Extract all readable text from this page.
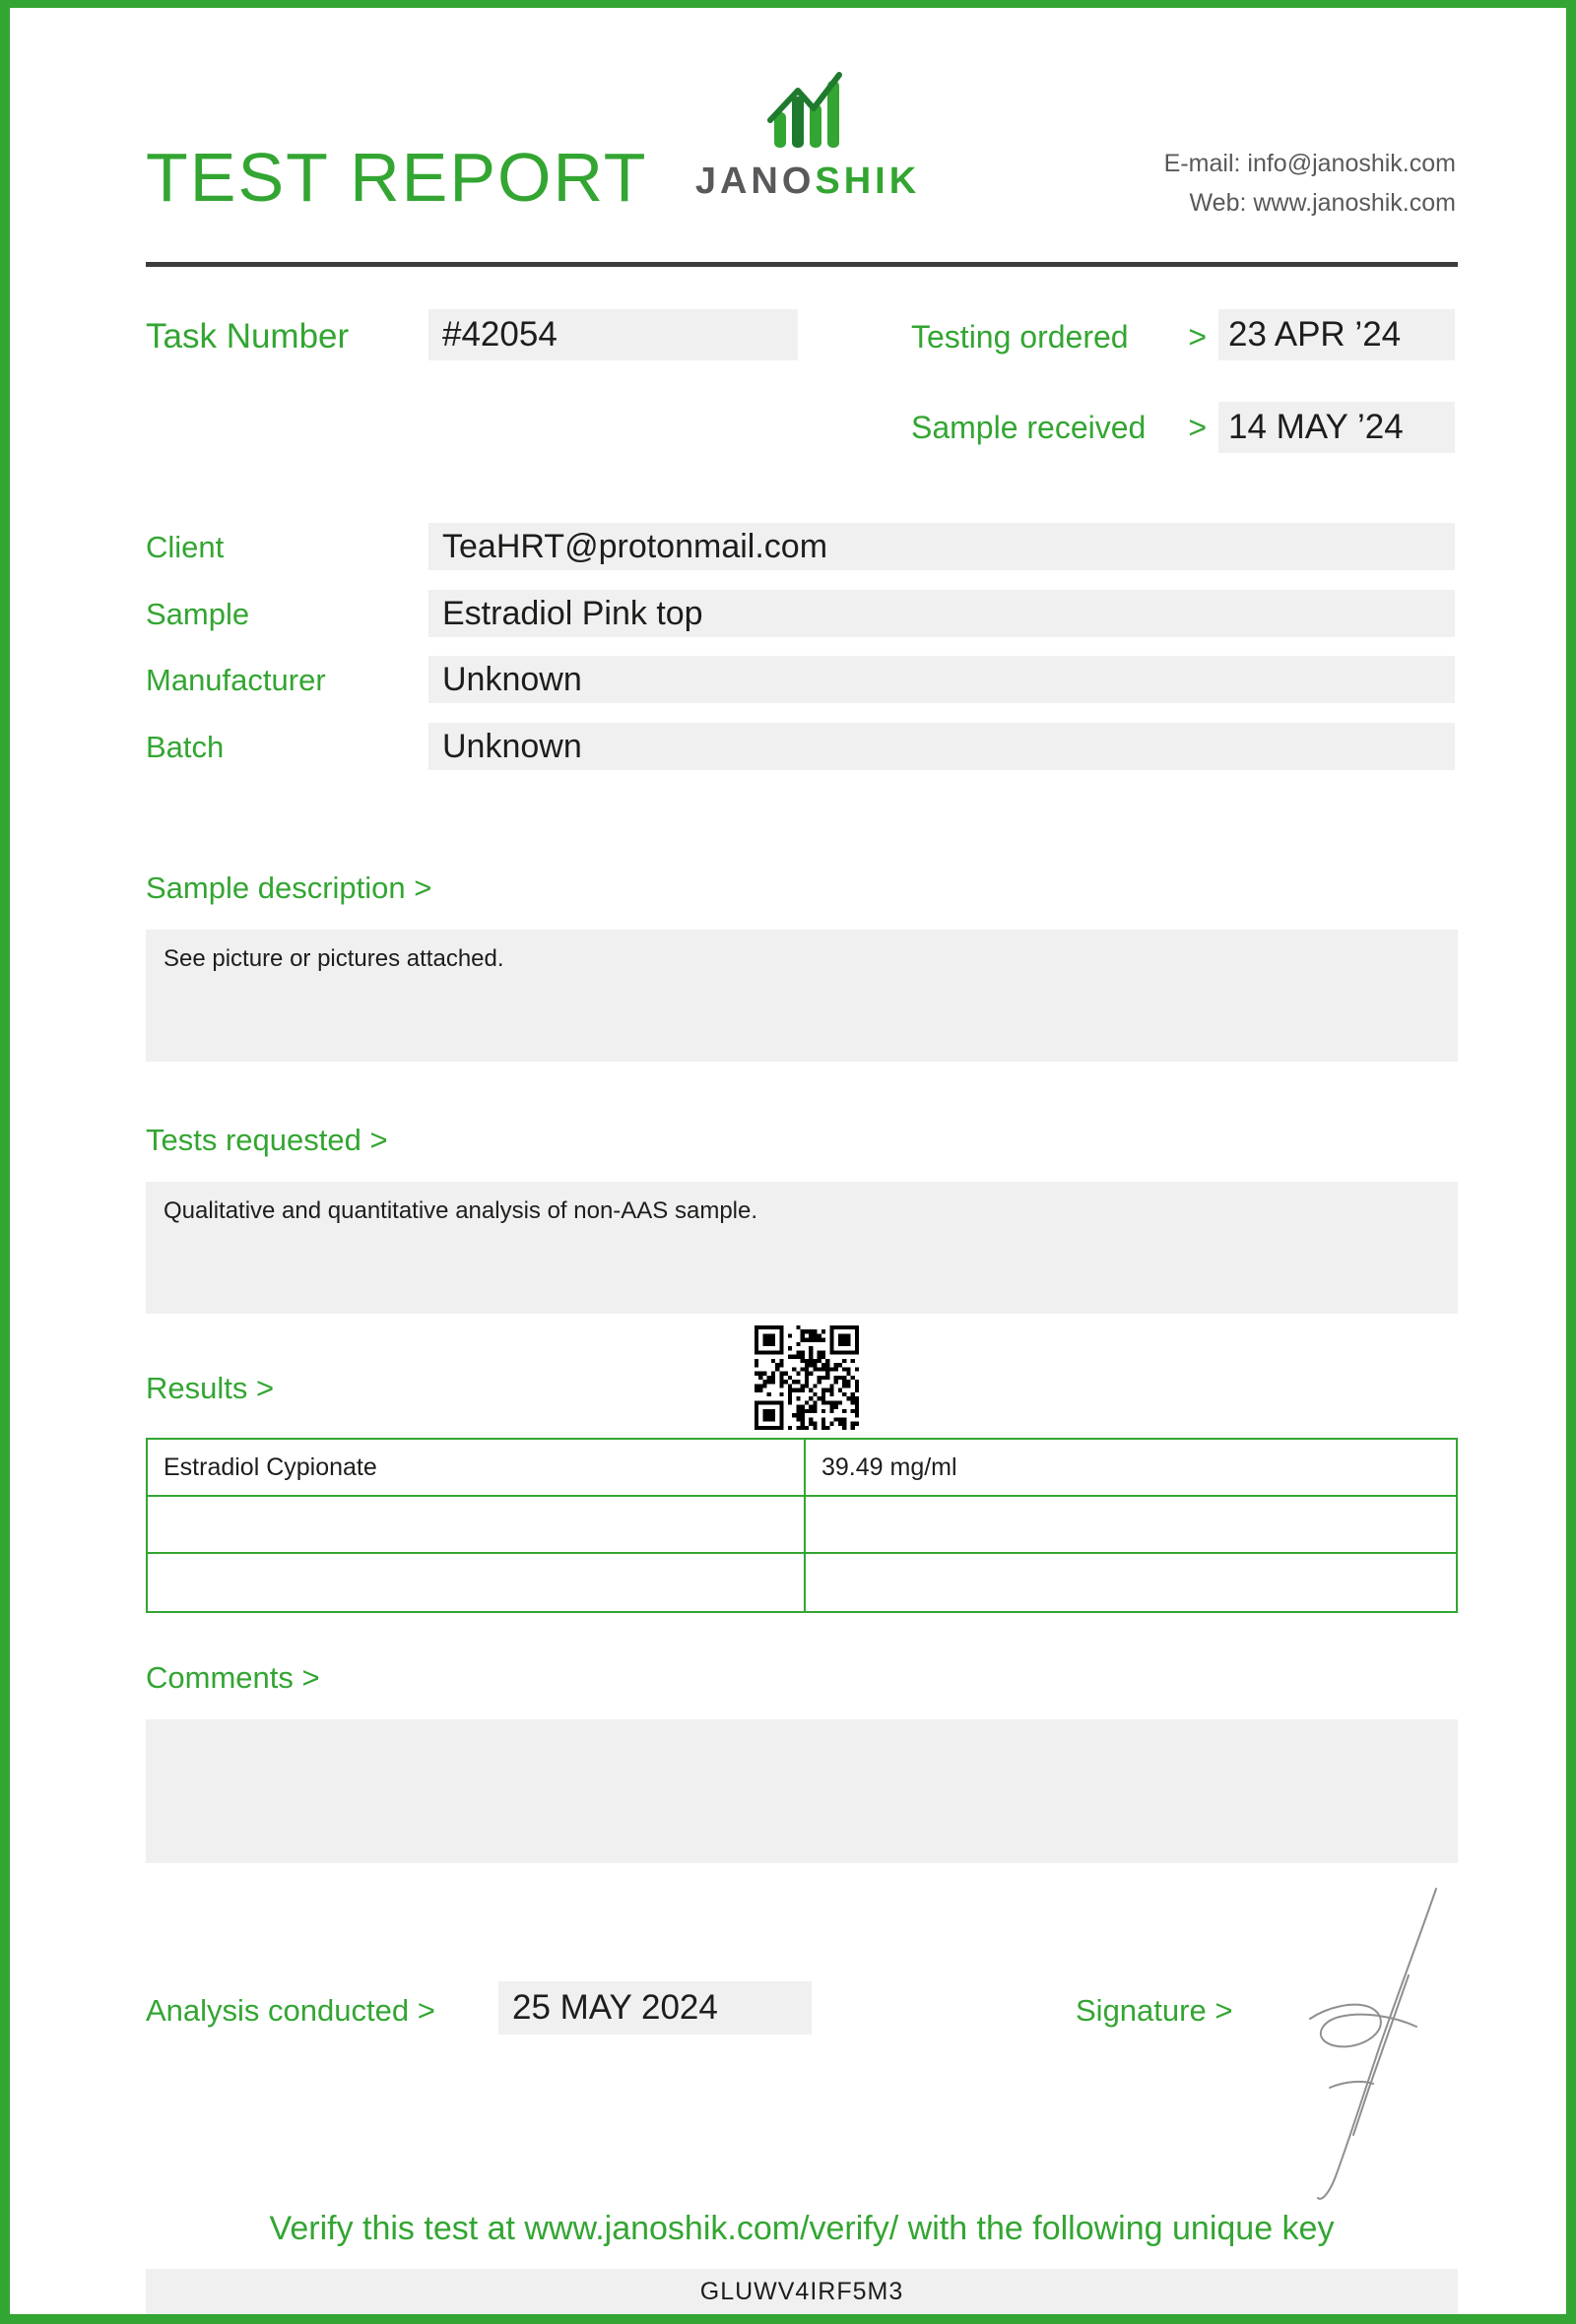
TEST REPORT	JANOSHIK	E-mail: info@janoshik.com
Web: www.janoshik.com
Task Number	#42054	Testing ordered > 23 APR ’24
Sample received > 14 MAY ’24
Client	TeaHRT@protonmail.com
Sample	Estradiol Pink top
Manufacturer	Unknown
Batch	Unknown
Sample description >
See picture or pictures attached.
Tests requested >
Qualitative and quantitative analysis of non-AAS sample.
Results >
Estradiol Cypionate	39.49 mg/ml
Comments >
Analysis conducted >	25 MAY 2024	Signature >
Verify this test at www.janoshik.com/verify/ with the following unique key
GLUWV4IRF5M3
